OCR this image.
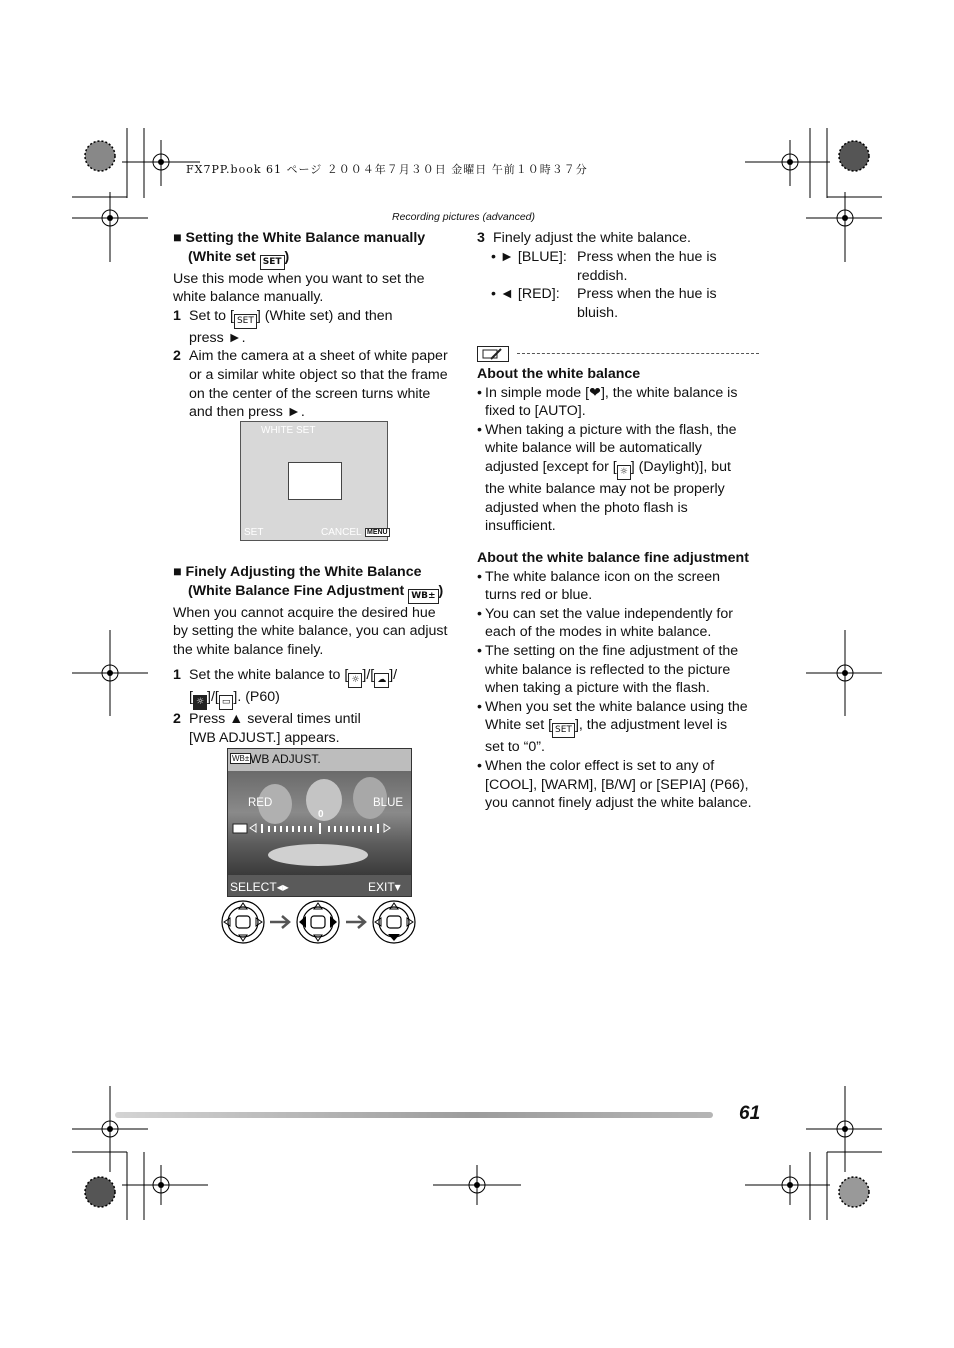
FX7PP.book 61 ページ ２００４年７月３０日 金曜日 午前１０時３７分
Recording pictures (advanced)
■ Setting the White Balance manually
(White set SET )
Use this mode when you want to set the
white balance manually.
1 Set to [ SET ] (White set) and then
press ►.
2 Aim the camera at a sheet of white paper
or a similar white object so that the frame
on the center of the screen turns white
and then press ►.
WHITE SET
SET	CANCEL MENU
■ Finely Adjusting the White Balance
(White Balance Fine Adjustment WB± )
When you cannot acquire the desired hue
by setting the white balance, you can adjust
the white balance finely.
1 Set the white balance to [ ☼ ]/[ ☁ ]/
[ ☼ ]/[ ▭ ]. (P60)
2 Press ▲ several times until
[WB ADJUST.] appears.
WB± WB ADJUST.
RED	BLUE
0
SELECT◂▸	EXIT▾
3 Finely adjust the white balance.
• ► [BLUE]: Press when the hue is
reddish.
• ◄ [RED]: Press when the hue is
bluish.
About the white balance
• In simple mode [❤], the white balance is
fixed to [AUTO].
• When taking a picture with the flash, the
white balance will be automatically
adjusted [except for [ ☼ ] (Daylight)], but
the white balance may not be properly
adjusted when the photo flash is
insufficient.
About the white balance fine adjustment
• The white balance icon on the screen
turns red or blue.
• You can set the value independently for
each of the modes in white balance.
• The setting on the fine adjustment of the
white balance is reflected to the picture
when taking a picture with the flash.
• When you set the white balance using the
White set [ SET ], the adjustment level is
set to “0”.
• When the color effect is set to any of
[COOL], [WARM], [B/W] or [SEPIA] (P66),
you cannot finely adjust the white balance.
61
